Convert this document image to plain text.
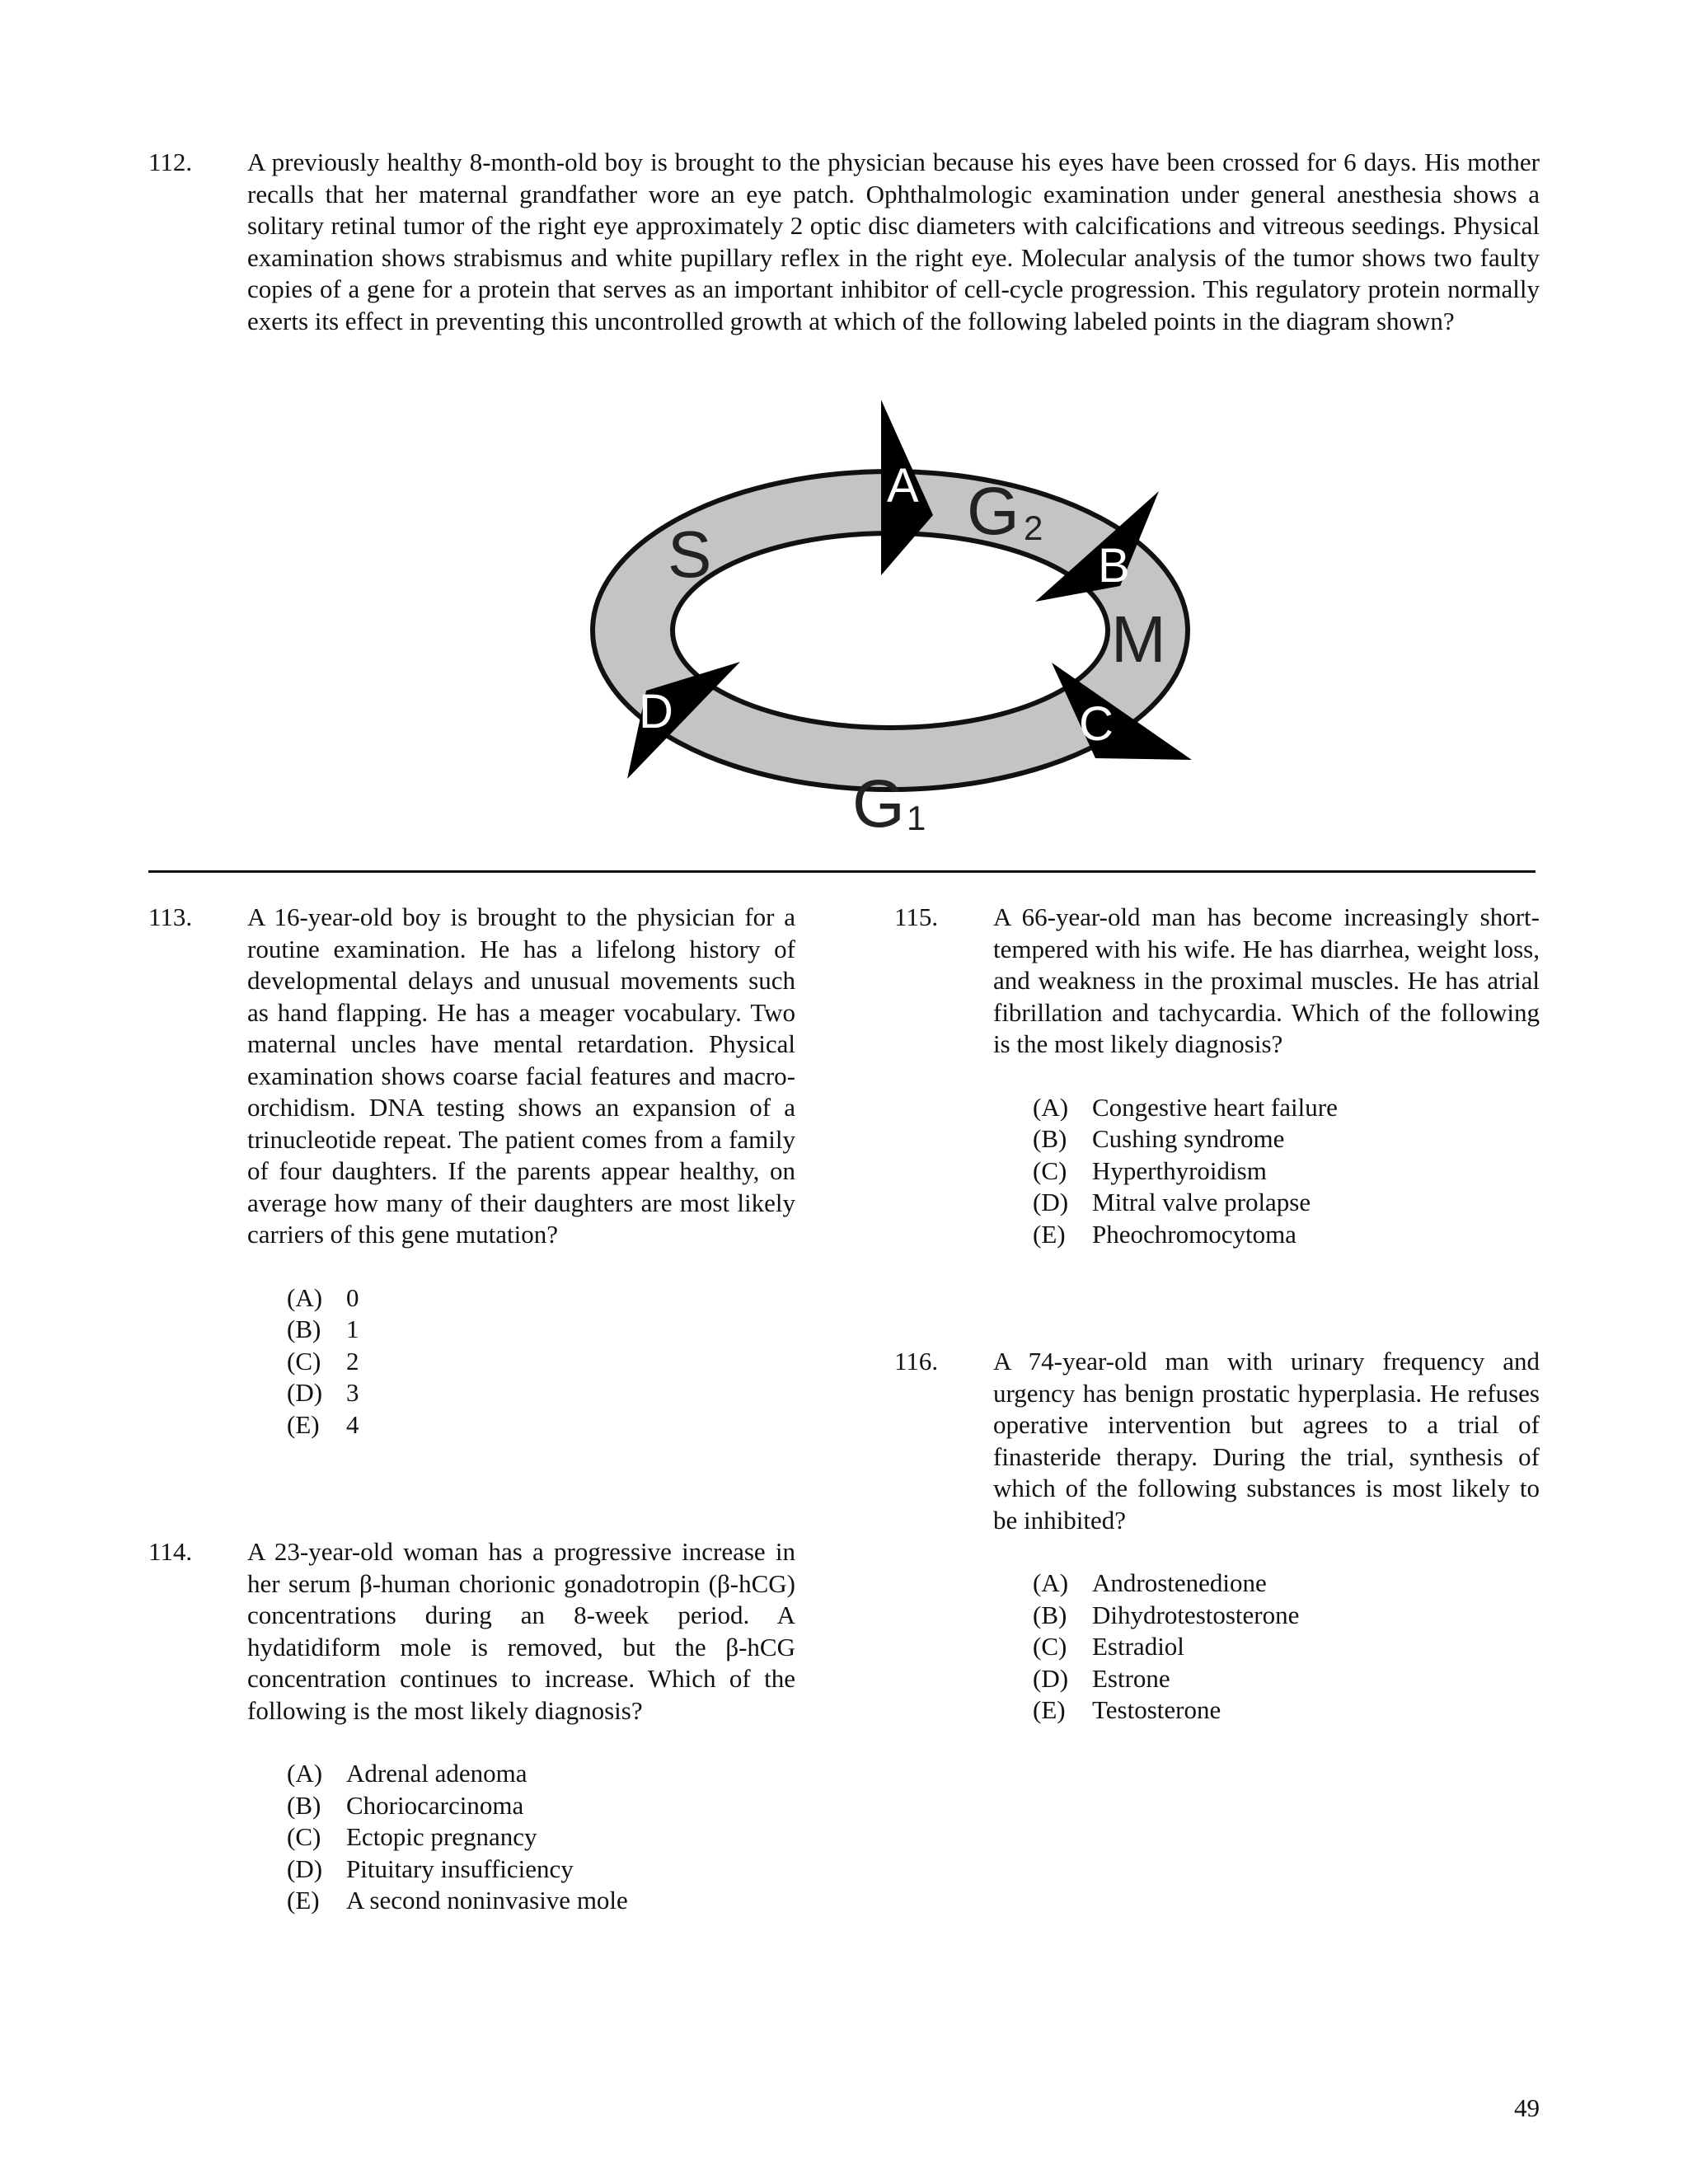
112. A previously healthy 8-month-old boy is brought to the physician because his eyes have been crossed for 6 days. His mother recalls that her maternal grandfather wore an eye patch. Ophthalmologic examination under general anesthesia shows a solitary retinal tumor of the right eye approximately 2 optic disc diameters with calcifications and vitreous seedings. Physical examination shows strabismus and white pupillary reflex in the right eye. Molecular analysis of the tumor shows two faulty copies of a gene for a protein that serves as an important inhibitor of cell-cycle progression. This regulatory protein normally exerts its effect in preventing this uncontrolled growth at which of the following labeled points in the diagram shown?
S
G 2
M
G 1
A
B
C
D
113. A 16-year-old boy is brought to the physician for a routine examination. He has a lifelong history of developmental delays and unusual movements such as hand flapping. He has a meager vocabulary. Two maternal uncles have mental retardation. Physical examination shows coarse facial features and macro-orchidism. DNA testing shows an expansion of a trinucleotide repeat. The patient comes from a family of four daughters. If the parents appear healthy, on average how many of their daughters are most likely carriers of this gene mutation?
(A) 0
(B) 1
(C) 2
(D) 3
(E)	4
114. A 23-year-old woman has a progressive increase in her serum β-human chorionic gonadotropin (β-hCG) concentrations during an 8-week period. A hydatidiform mole is removed, but the β-hCG concentration continues to increase. Which of the following is the most likely diagnosis?
(A) Adrenal adenoma
(B) Choriocarcinoma
(C) Ectopic pregnancy
(D) Pituitary insufficiency
(E)	A second noninvasive mole
115. A 66-year-old man has become increasingly short-tempered with his wife. He has diarrhea, weight loss, and weakness in the proximal muscles. He has atrial fibrillation and tachycardia. Which of the following is the most likely diagnosis?
(A) Congestive heart failure
(B) Cushing syndrome
(C) Hyperthyroidism
(D) Mitral valve prolapse
(E)	Pheochromocytoma
116. A 74-year-old man with urinary frequency and urgency has benign prostatic hyperplasia. He refuses operative intervention but agrees to a trial of finasteride therapy. During the trial, synthesis of which of the following substances is most likely to be inhibited?
(A) Androstenedione
(B) Dihydrotestosterone
(C) Estradiol
(D) Estrone
(E)	Testosterone
49
